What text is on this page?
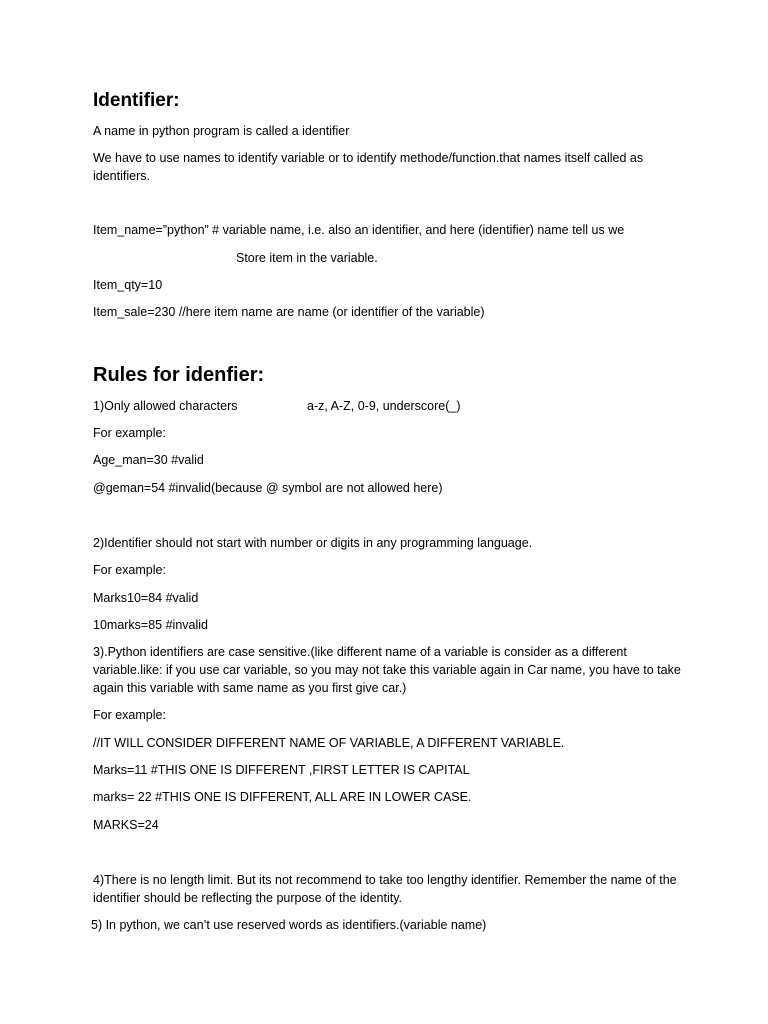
Identifier:

A name in python program is called a identifier

We have to use names to identify variable or to identify methode/function.that names itself called as identifiers.

Item_name=”python” # variable name, i.e. also an identifier, and here (identifier) name tell us we

Store item in the variable.

Item_qty=10

Item_sale=230 //here item name are name (or identifier of the variable)

Rules for idenfier:

1)Only allowed characters	a-z, A-Z, 0-9, underscore(_)

For example:

Age_man=30 #valid

@geman=54 #invalid(because @ symbol are not allowed here)

2)Identifier should not start with number or digits in any programming language.

For example:

Marks10=84 #valid

10marks=85 #invalid

3).Python identifiers are case sensitive.(like different name of a variable is consider as a different variable.like: if you use car variable, so you may not take this variable again in Car name, you have to take again this variable with same name as you first give car.)

For example:

//IT WILL CONSIDER DIFFERENT NAME OF VARIABLE, A DIFFERENT VARIABLE.

Marks=11 #THIS ONE IS DIFFERENT ,FIRST LETTER IS CAPITAL

marks= 22 #THIS ONE IS DIFFERENT, ALL ARE IN LOWER CASE.

MARKS=24

4)There is no length limit. But its not recommend to take too lengthy identifier. Remember the name of the identifier should be reflecting the purpose of the identity.

5) In python, we can’t use reserved words as identifiers.(variable name)
